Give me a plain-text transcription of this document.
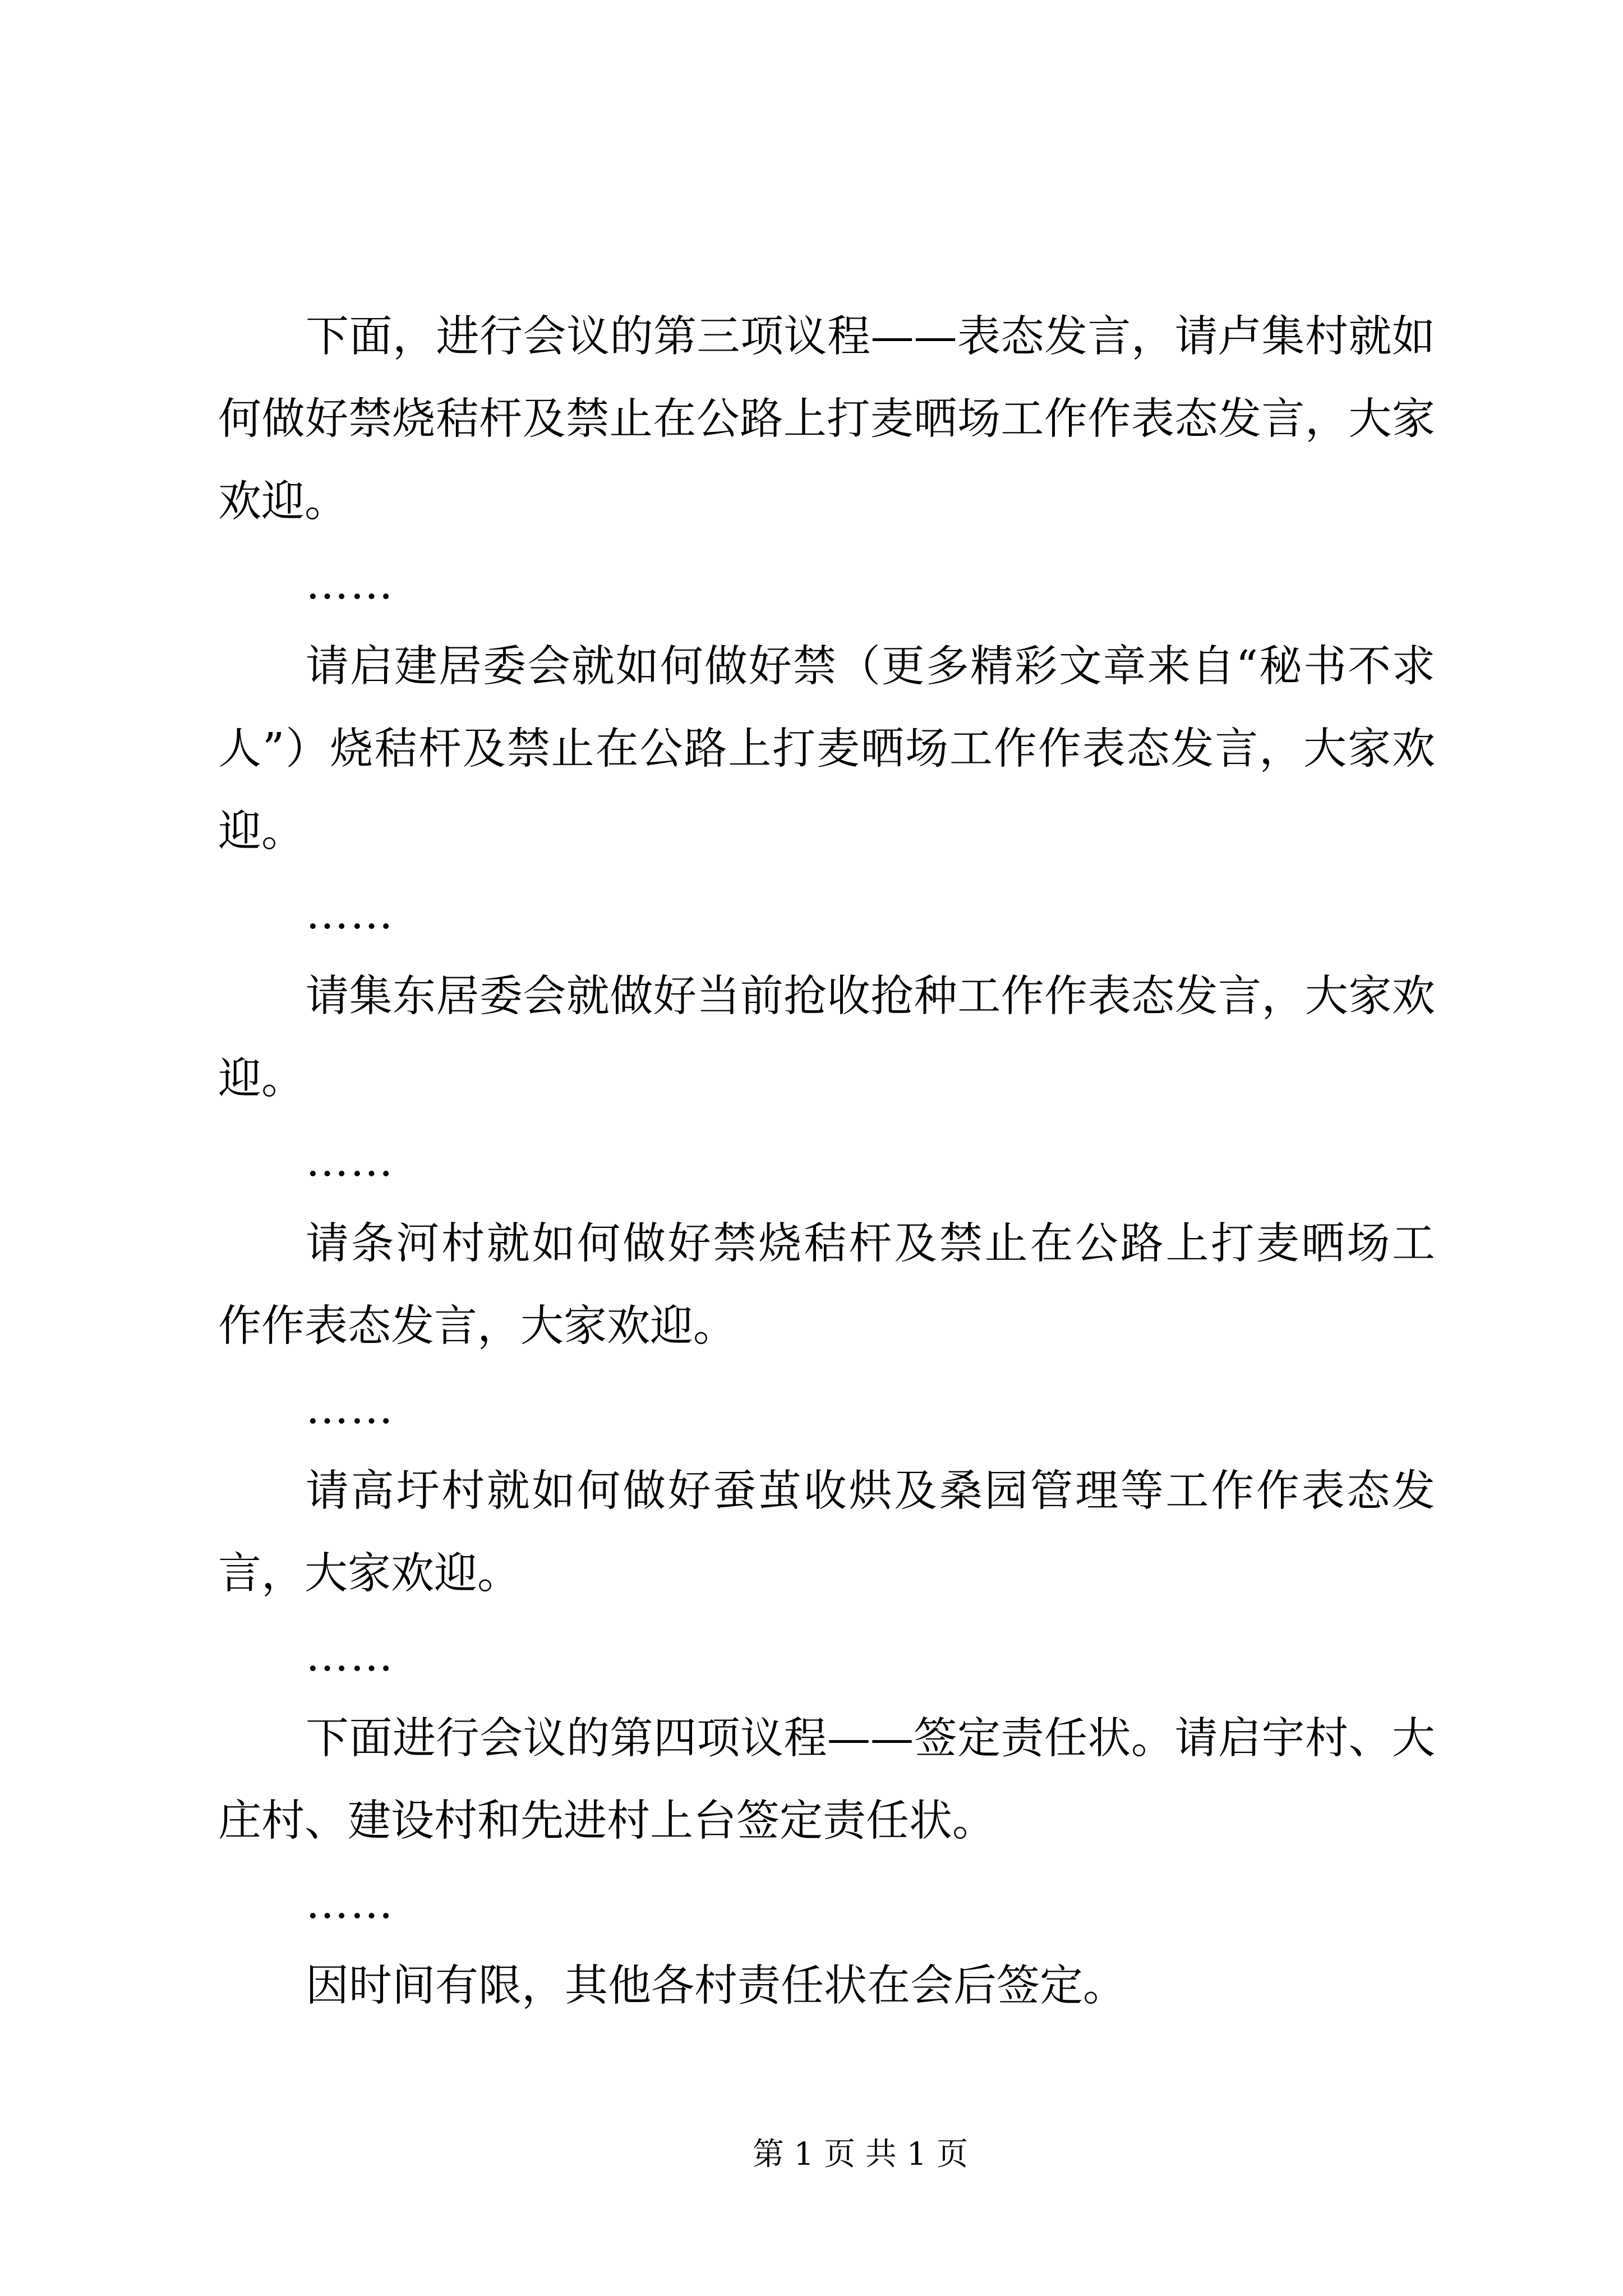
下面，进行会议的第三项议程——表态发言，请卢集村就如
何做好禁烧秸杆及禁止在公路上打麦晒场工作作表态发言，大家
欢迎。
……
请启建居委会就如何做好禁（更多精彩文章来自“秘书不求
人”）烧秸杆及禁止在公路上打麦晒场工作作表态发言，大家欢
迎。
……
请集东居委会就做好当前抢收抢种工作作表态发言，大家欢
迎。
……
请条河村就如何做好禁烧秸杆及禁止在公路上打麦晒场工
作作表态发言，大家欢迎。
……
请高圩村就如何做好蚕茧收烘及桑园管理等工作作表态发
言，大家欢迎。
……
下面进行会议的第四项议程——签定责任状。请启宇村、大
庄村、建设村和先进村上台签定责任状。
……
因时间有限，其他各村责任状在会后签定。
第 1 页 共 1 页
